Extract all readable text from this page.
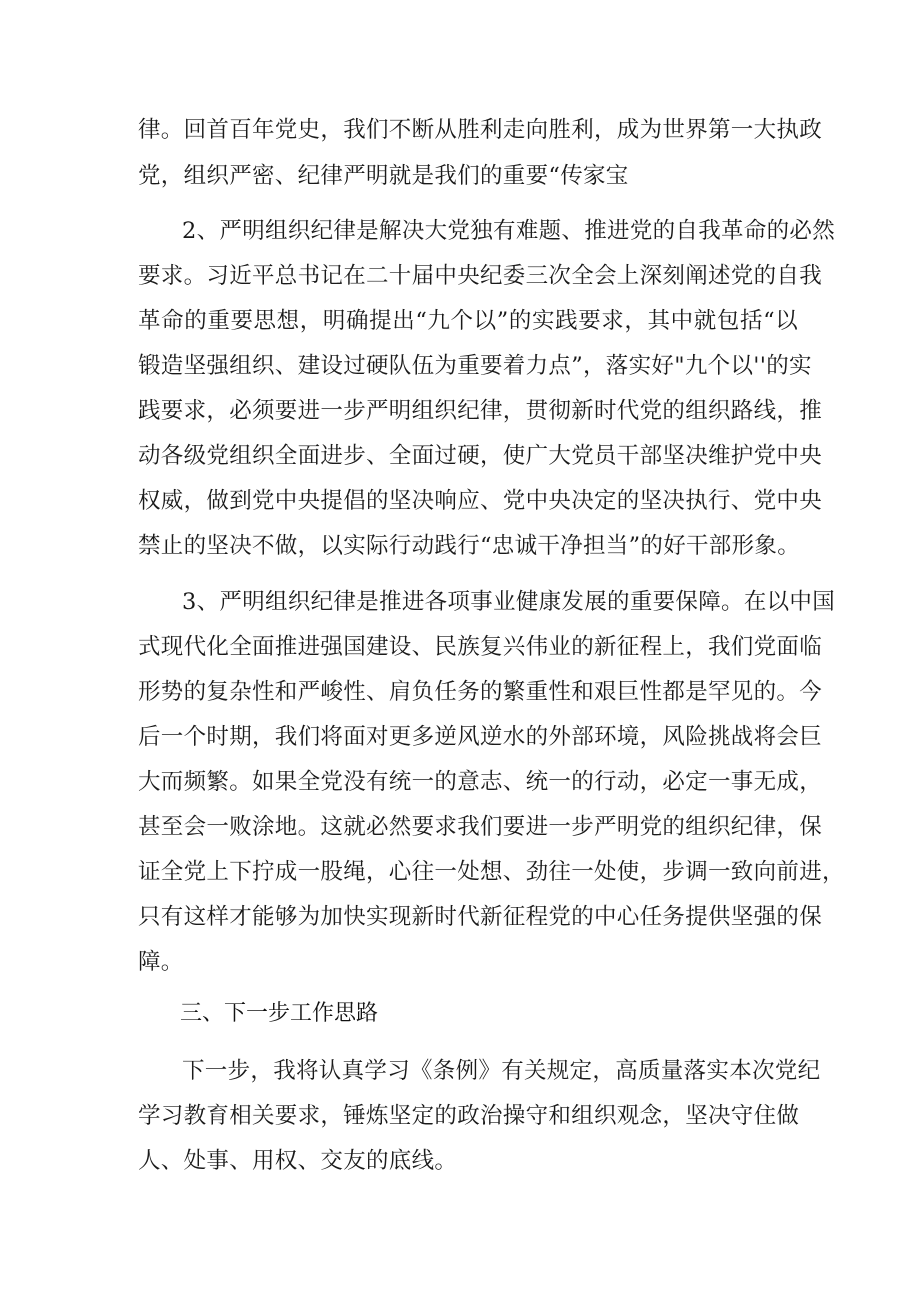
律。回首百年党史，我们不断从胜利走向胜利，成为世界第一大执政
党，组织严密、纪律严明就是我们的重要“传家宝
2、严明组织纪律是解决大党独有难题、推进党的自我革命的必然
要求。习近平总书记在二十届中央纪委三次全会上深刻阐述党的自我
革命的重要思想，明确提出“九个以”的实践要求，其中就包括“以
锻造坚强组织、建设过硬队伍为重要着力点”，落实好"九个以''的实
践要求，必须要进一步严明组织纪律，贯彻新时代党的组织路线，推
动各级党组织全面进步、全面过硬，使广大党员干部坚决维护党中央
权威，做到党中央提倡的坚决响应、党中央决定的坚决执行、党中央
禁止的坚决不做，以实际行动践行“忠诚干净担当”的好干部形象。
3、严明组织纪律是推进各项事业健康发展的重要保障。在以中国
式现代化全面推进强国建设、民族复兴伟业的新征程上，我们党面临
形势的复杂性和严峻性、肩负任务的繁重性和艰巨性都是罕见的。今
后一个时期，我们将面对更多逆风逆水的外部环境，风险挑战将会巨
大而频繁。如果全党没有统一的意志、统一的行动，必定一事无成，
甚至会一败涂地。这就必然要求我们要进一步严明党的组织纪律，保
证全党上下拧成一股绳，心往一处想、劲往一处使，步调一致向前进，
只有这样才能够为加快实现新时代新征程党的中心任务提供坚强的保
障。
三、下一步工作思路
下一步，我将认真学习《条例》有关规定，高质量落实本次党纪
学习教育相关要求，锤炼坚定的政治操守和组织观念，坚决守住做
人、处事、用权、交友的底线。
